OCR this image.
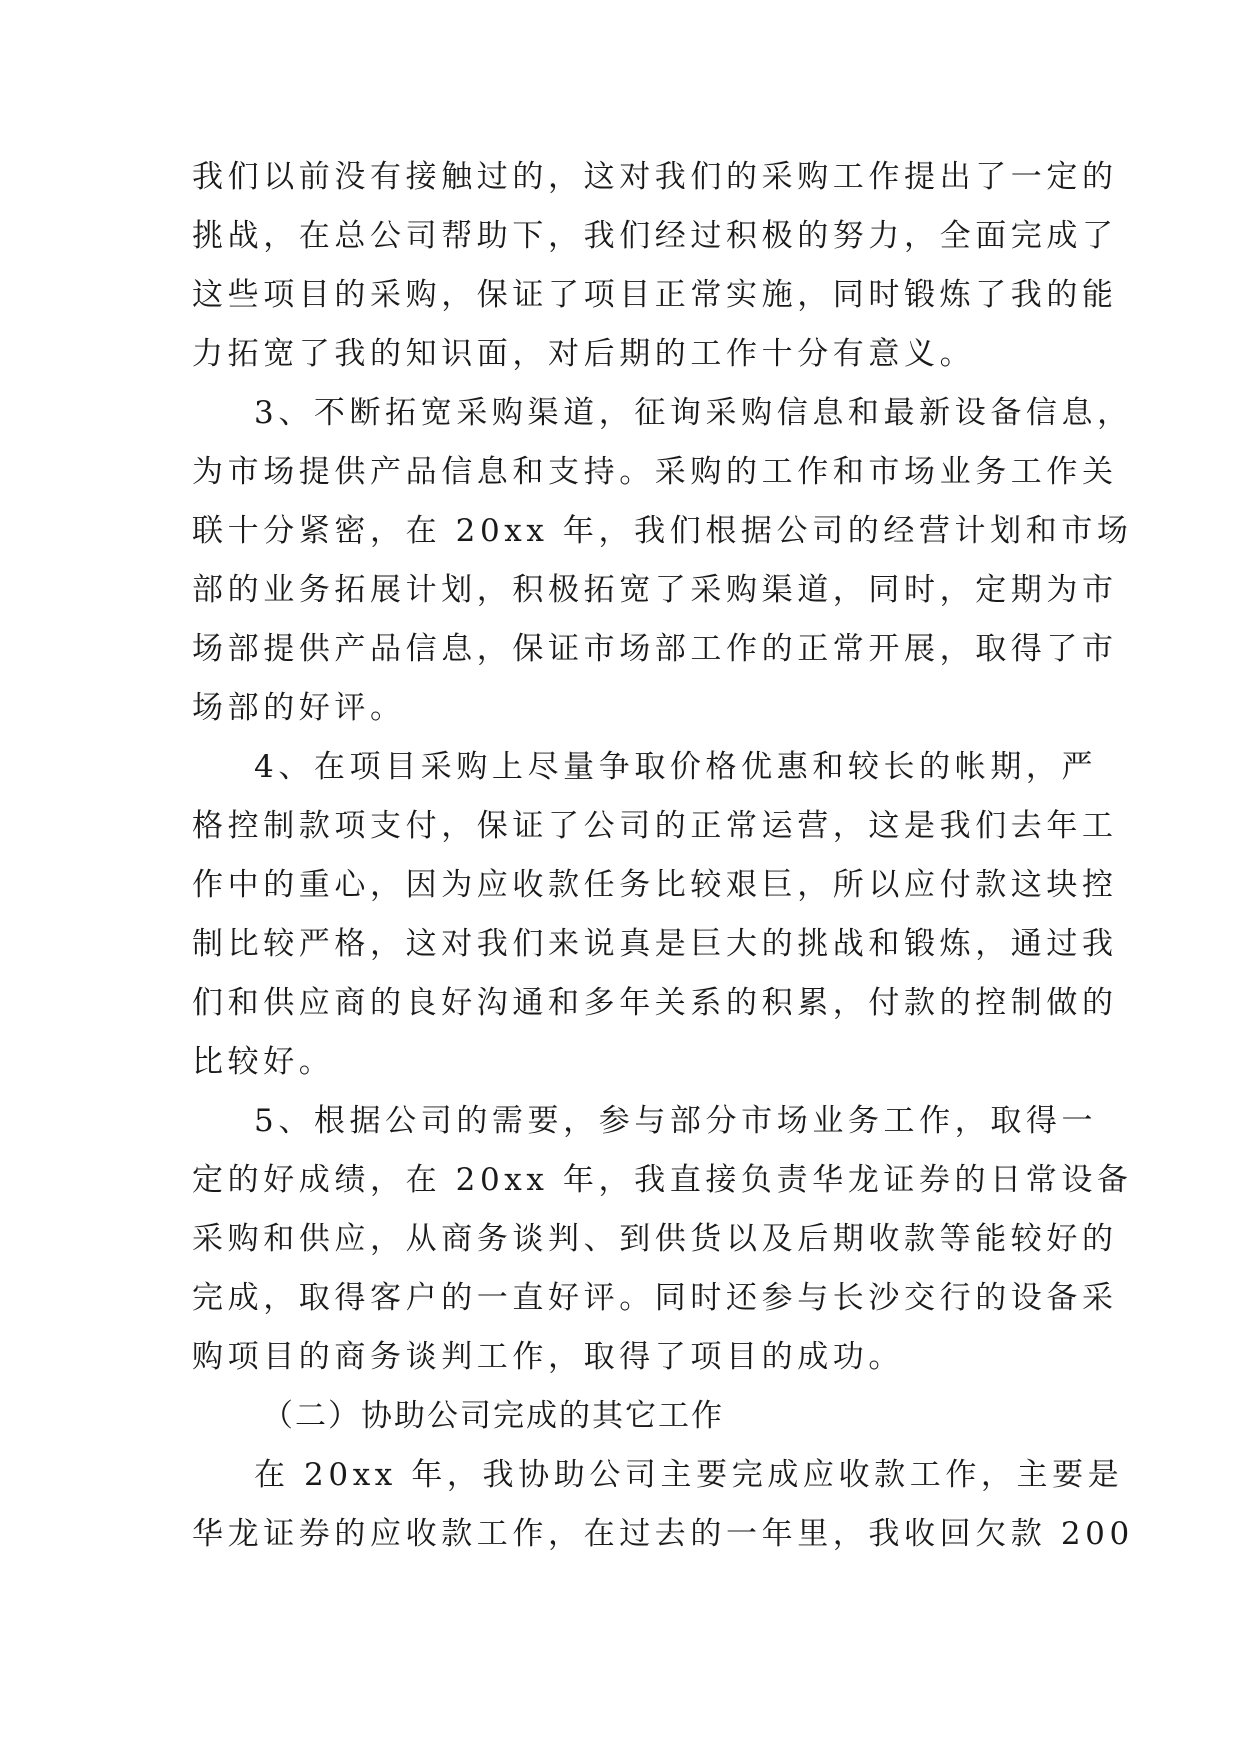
我们以前没有接触过的，这对我们的采购工作提出了一定的
挑战，在总公司帮助下，我们经过积极的努力，全面完成了
这些项目的采购，保证了项目正常实施，同时锻炼了我的能
力拓宽了我的知识面，对后期的工作十分有意义。
3、不断拓宽采购渠道，征询采购信息和最新设备信息，
为市场提供产品信息和支持。采购的工作和市场业务工作关
联十分紧密，在 20xx 年，我们根据公司的经营计划和市场
部的业务拓展计划，积极拓宽了采购渠道，同时，定期为市
场部提供产品信息，保证市场部工作的正常开展，取得了市
场部的好评。
4、在项目采购上尽量争取价格优惠和较长的帐期，严
格控制款项支付，保证了公司的正常运营，这是我们去年工
作中的重心，因为应收款任务比较艰巨，所以应付款这块控
制比较严格，这对我们来说真是巨大的挑战和锻炼，通过我
们和供应商的良好沟通和多年关系的积累，付款的控制做的
比较好。
5、根据公司的需要，参与部分市场业务工作，取得一
定的好成绩，在 20xx 年，我直接负责华龙证券的日常设备
采购和供应，从商务谈判、到供货以及后期收款等能较好的
完成，取得客户的一直好评。同时还参与长沙交行的设备采
购项目的商务谈判工作，取得了项目的成功。
（二）协助公司完成的其它工作
在 20xx 年，我协助公司主要完成应收款工作，主要是
华龙证券的应收款工作，在过去的一年里，我收回欠款 200
